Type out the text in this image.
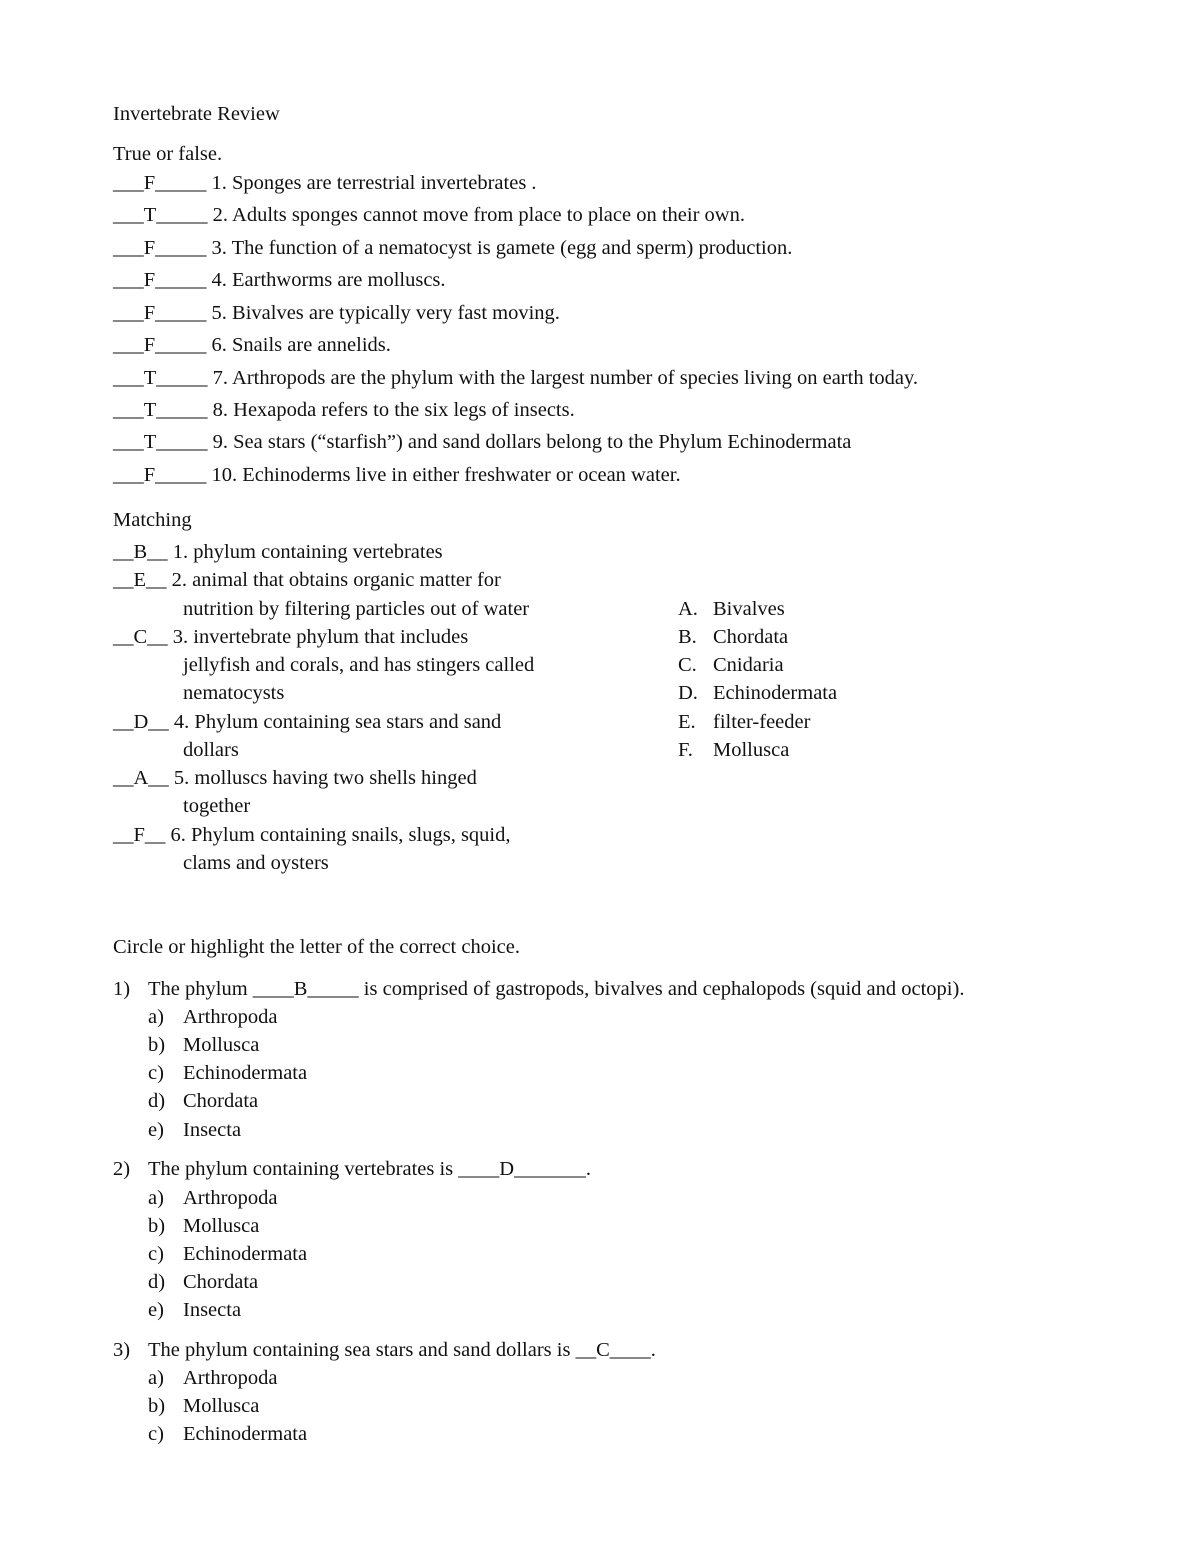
Invertebrate Review
True or false.
___F_____ 1. Sponges are terrestrial invertebrates .
___T_____ 2. Adults sponges cannot move from place to place on their own.
___F_____ 3. The function of a nematocyst is gamete (egg and sperm) production.
___F_____ 4. Earthworms are molluscs.
___F_____ 5. Bivalves are typically very fast moving.
___F_____ 6. Snails are annelids.
___T_____ 7. Arthropods are the phylum with the largest number of species living on earth today.
___T_____ 8. Hexapoda refers to the six legs of insects.
___T_____ 9. Sea stars (“starfish”) and sand dollars belong to the Phylum Echinodermata
___F_____ 10. Echinoderms live in either freshwater or ocean water.
Matching
__B__ 1. phylum containing vertebrates
__E__ 2. animal that obtains organic matter for
nutrition by filtering particles out of water
__C__ 3. invertebrate phylum that includes
jellyfish and corals, and has stingers called
nematocysts
__D__ 4. Phylum containing sea stars and sand
dollars
__A__ 5. molluscs having two shells hinged
together
__F__ 6. Phylum containing snails, slugs, squid,
clams and oysters
A. Bivalves
B. Chordata
C. Cnidaria
D. Echinodermata
E. filter-feeder
F. Mollusca
Circle or highlight the letter of the correct choice.
1) The phylum ____B_____ is comprised of gastropods, bivalves and cephalopods (squid and octopi).
a) Arthropoda
b) Mollusca
c) Echinodermata
d) Chordata
e) Insecta
2) The phylum containing vertebrates is ____D_______.
a) Arthropoda
b) Mollusca
c) Echinodermata
d) Chordata
e) Insecta
3) The phylum containing sea stars and sand dollars is __C____.
a) Arthropoda
b) Mollusca
c) Echinodermata
